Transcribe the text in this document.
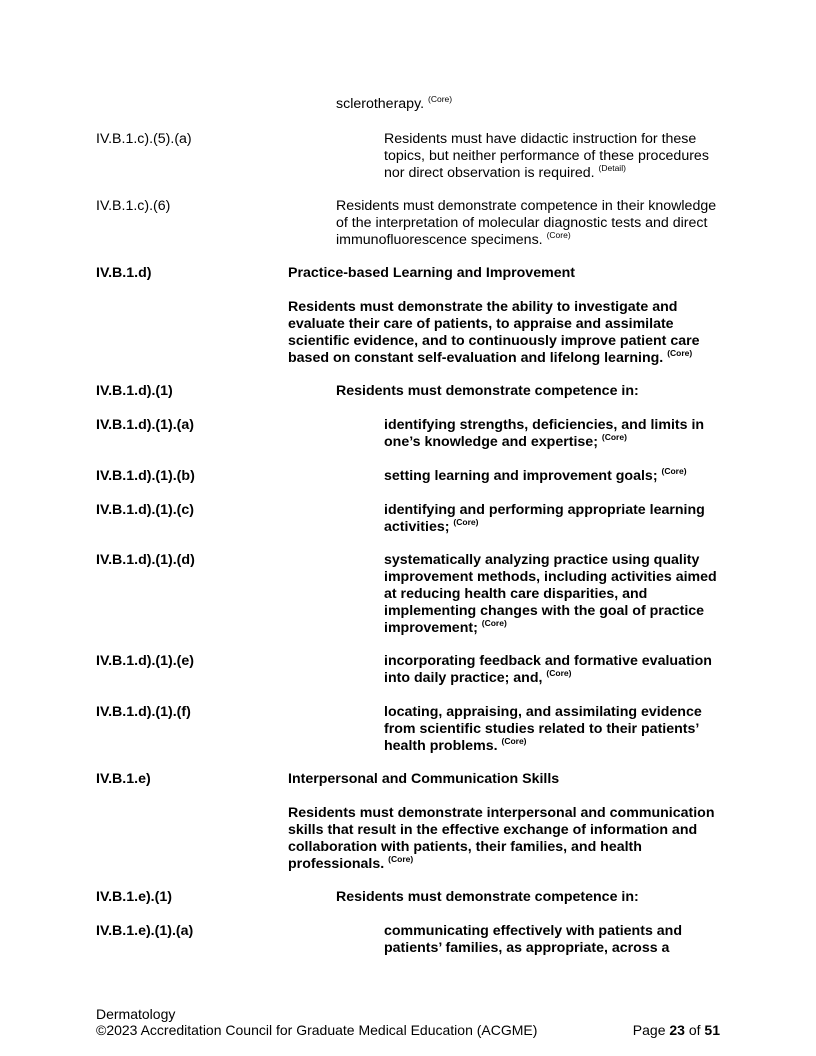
sclerotherapy. $^{(Core)}$
IV.B.1.c).(5).(a)	Residents must have didactic instruction for these topics, but neither performance of these procedures nor direct observation is required. $^{(Detail)}$
IV.B.1.c).(6)	Residents must demonstrate competence in their knowledge of the interpretation of molecular diagnostic tests and direct immunofluorescence specimens. $^{(Core)}$
IV.B.1.d)	Practice-based Learning and Improvement
Residents must demonstrate the ability to investigate and evaluate their care of patients, to appraise and assimilate scientific evidence, and to continuously improve patient care based on constant self-evaluation and lifelong learning. $^{(Core)}$
IV.B.1.d).(1)	Residents must demonstrate competence in:
IV.B.1.d).(1).(a)	identifying strengths, deficiencies, and limits in one’s knowledge and expertise; $^{(Core)}$
IV.B.1.d).(1).(b)	setting learning and improvement goals; $^{(Core)}$
IV.B.1.d).(1).(c)	identifying and performing appropriate learning activities; $^{(Core)}$
IV.B.1.d).(1).(d)	systematically analyzing practice using quality improvement methods, including activities aimed at reducing health care disparities, and implementing changes with the goal of practice improvement; $^{(Core)}$
IV.B.1.d).(1).(e)	incorporating feedback and formative evaluation into daily practice; and, $^{(Core)}$
IV.B.1.d).(1).(f)	locating, appraising, and assimilating evidence from scientific studies related to their patients’ health problems. $^{(Core)}$
IV.B.1.e)	Interpersonal and Communication Skills
Residents must demonstrate interpersonal and communication skills that result in the effective exchange of information and collaboration with patients, their families, and health professionals. $^{(Core)}$
IV.B.1.e).(1)	Residents must demonstrate competence in:
IV.B.1.e).(1).(a)	communicating effectively with patients and patients’ families, as appropriate, across a
Dermatology
©2023 Accreditation Council for Graduate Medical Education (ACGME)	Page 23 of 51
